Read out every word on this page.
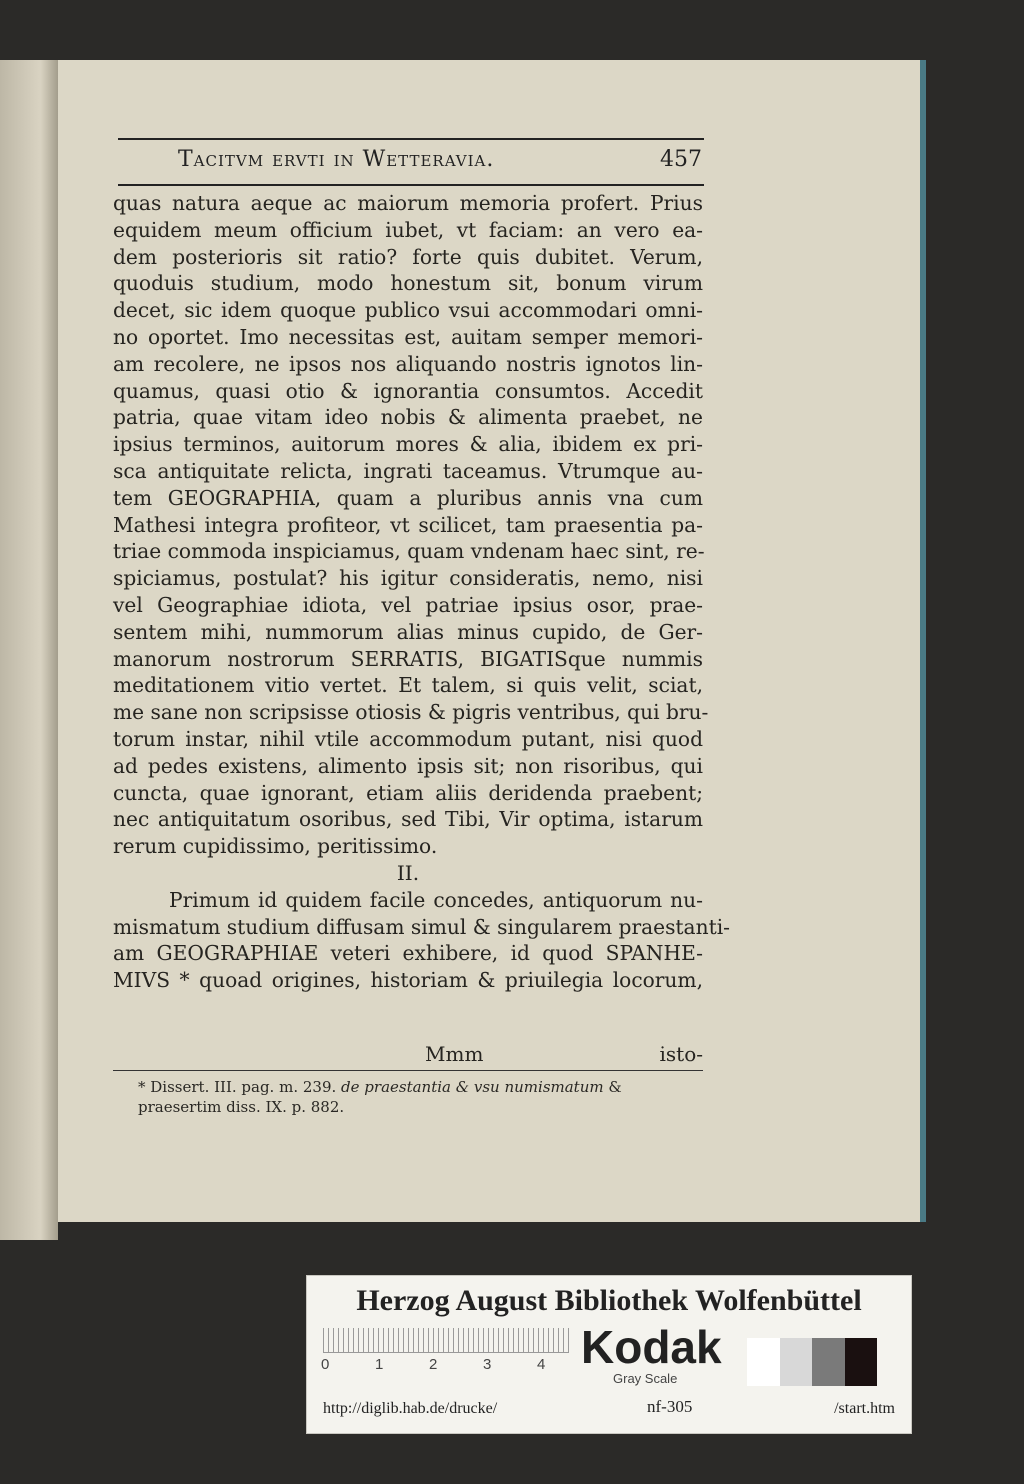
Tacitvm ervti in Wetteravia.	457
quas natura aeque ac maiorum memoria profert. Prius
equidem meum officium iubet, vt faciam: an vero ea-
dem posterioris sit ratio? forte quis dubitet. Verum,
quoduis studium, modo honestum sit, bonum virum
decet, sic idem quoque publico vsui accommodari omni-
no oportet. Imo necessitas est, auitam semper memori-
am recolere, ne ipsos nos aliquando nostris ignotos lin-
quamus, quasi otio & ignorantia consumtos. Accedit
patria, quae vitam ideo nobis & alimenta praebet, ne
ipsius terminos, auitorum mores & alia, ibidem ex pri-
sca antiquitate relicta, ingrati taceamus. Vtrumque au-
tem GEOGRAPHIA, quam a pluribus annis vna cum
Mathesi integra profiteor, vt scilicet, tam praesentia pa-
triae commoda inspiciamus, quam vndenam haec sint, re-
spiciamus, postulat? his igitur consideratis, nemo, nisi
vel Geographiae idiota, vel patriae ipsius osor, prae-
sentem mihi, nummorum alias minus cupido, de Ger-
manorum nostrorum SERRATIS, BIGATISque nummis
meditationem vitio vertet. Et talem, si quis velit, sciat,
me sane non scripsisse otiosis & pigris ventribus, qui bru-
torum instar, nihil vtile accommodum putant, nisi quod
ad pedes existens, alimento ipsis sit; non risoribus, qui
cuncta, quae ignorant, etiam aliis deridenda praebent;
nec antiquitatum osoribus, sed Tibi, Vir optima, istarum
rerum cupidissimo, peritissimo.
II.
Primum id quidem facile concedes, antiquorum nu-
mismatum studium diffusam simul & singularem praestanti-
am GEOGRAPHIAE veteri exhibere, id quod SPANHE-
MIVS * quoad origines, historiam & priuilegia locorum,
Mmm	isto-
* Dissert. III. pag. m. 239. de praestantia & vsu numismatum &
praesertim diss. IX. p. 882.
Herzog August Bibliothek Wolfenbüttel
0	1	2	3	4 Kodak
Gray Scale
http://diglib.hab.de/drucke/	nf-305	/start.htm
